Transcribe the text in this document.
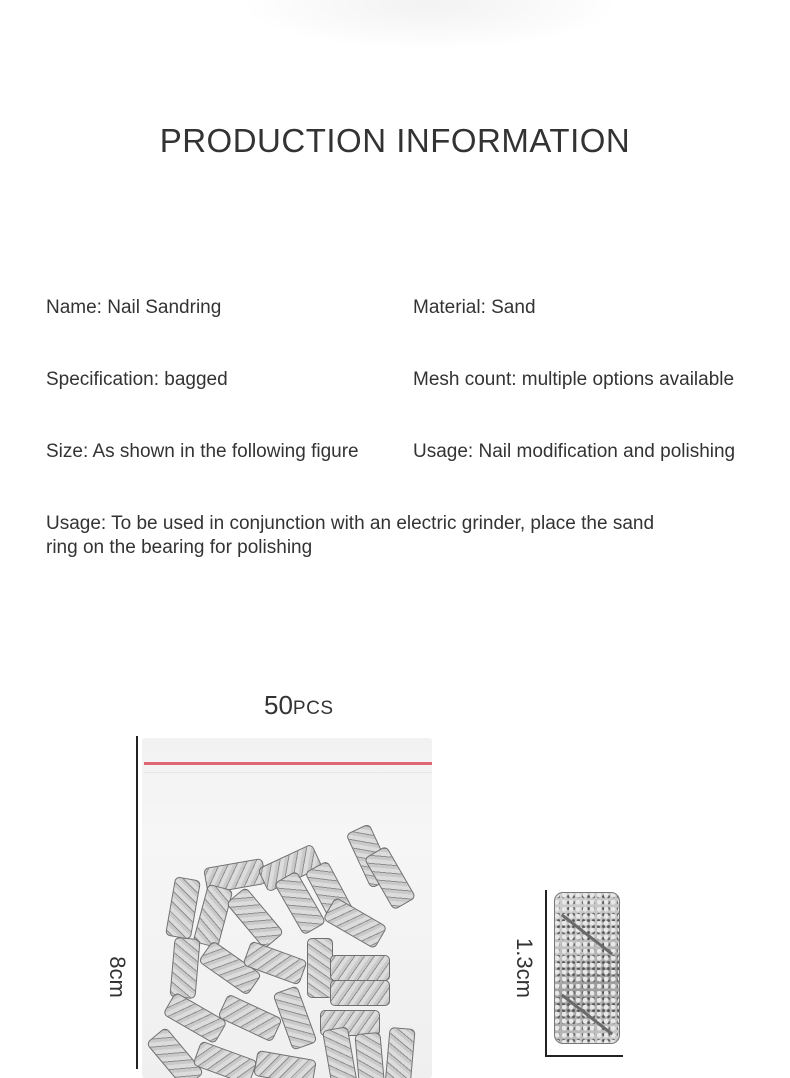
PRODUCTION INFORMATION
Name: Nail Sandring
Specification: bagged
Size: As shown in the following figure
Material: Sand
Mesh count: multiple options available
Usage: Nail modification and polishing
Usage: To be used in conjunction with an electric grinder, place the sand
ring on the bearing for polishing
50PCS
8cm	1.3cm
